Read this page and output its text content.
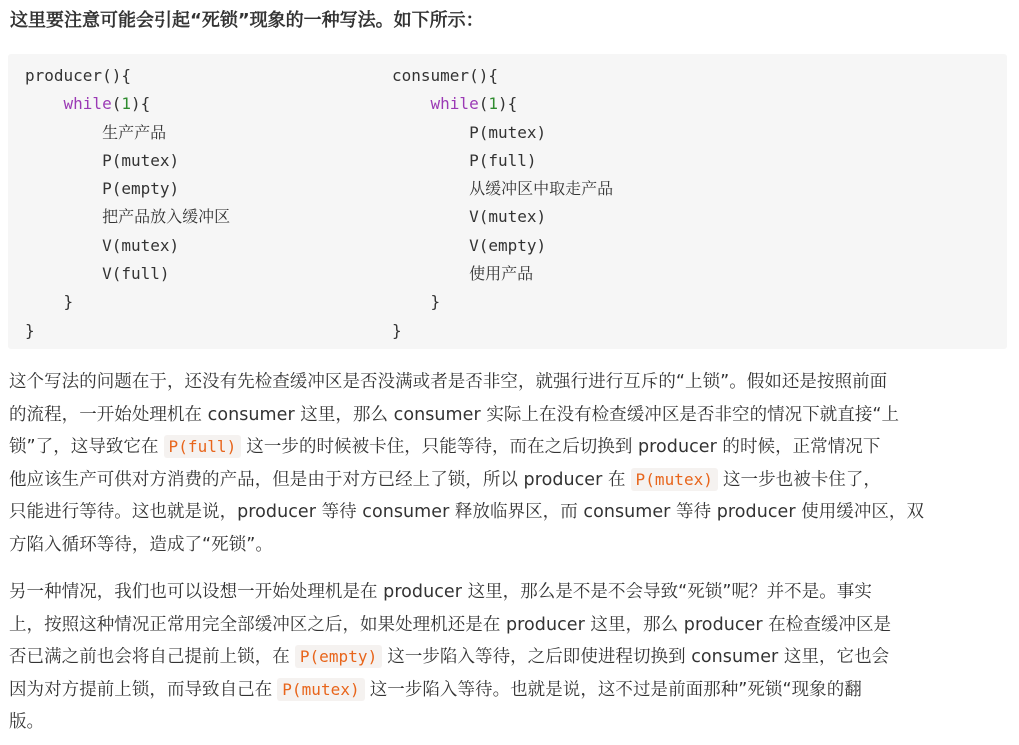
这里要注意可能会引起“死锁”现象的一种写法。如下所示：
producer(){
while(1){
生产产品
P(mutex)
P(empty)
把产品放入缓冲区
V(mutex)
V(full)
}
}
consumer(){
while(1){
P(mutex)
P(full)
从缓冲区中取走产品
V(mutex)
V(empty)
使用产品
}
}
这个写法的问题在于，还没有先检查缓冲区是否没满或者是否非空，就强行进行互斥的“上锁”。假如还是按照前面
的流程，一开始处理机在 consumer 这里，那么 consumer 实际上在没有检查缓冲区是否非空的情况下就直接“上
锁”了，这导致它在 P(full) 这一步的时候被卡住，只能等待，而在之后切换到 producer 的时候，正常情况下
他应该生产可供对方消费的产品，但是由于对方已经上了锁，所以 producer 在 P(mutex) 这一步也被卡住了，
只能进行等待。这也就是说，producer 等待 consumer 释放临界区，而 consumer 等待 producer 使用缓冲区，双
方陷入循环等待，造成了“死锁”。
另一种情况，我们也可以设想一开始处理机是在 producer 这里，那么是不是不会导致“死锁”呢？并不是。事实
上，按照这种情况正常用完全部缓冲区之后，如果处理机还是在 producer 这里，那么 producer 在检查缓冲区是
否已满之前也会将自己提前上锁，在 P(empty) 这一步陷入等待，之后即使进程切换到 consumer 这里，它也会
因为对方提前上锁，而导致自己在 P(mutex) 这一步陷入等待。也就是说，这不过是前面那种”死锁“现象的翻
版。
